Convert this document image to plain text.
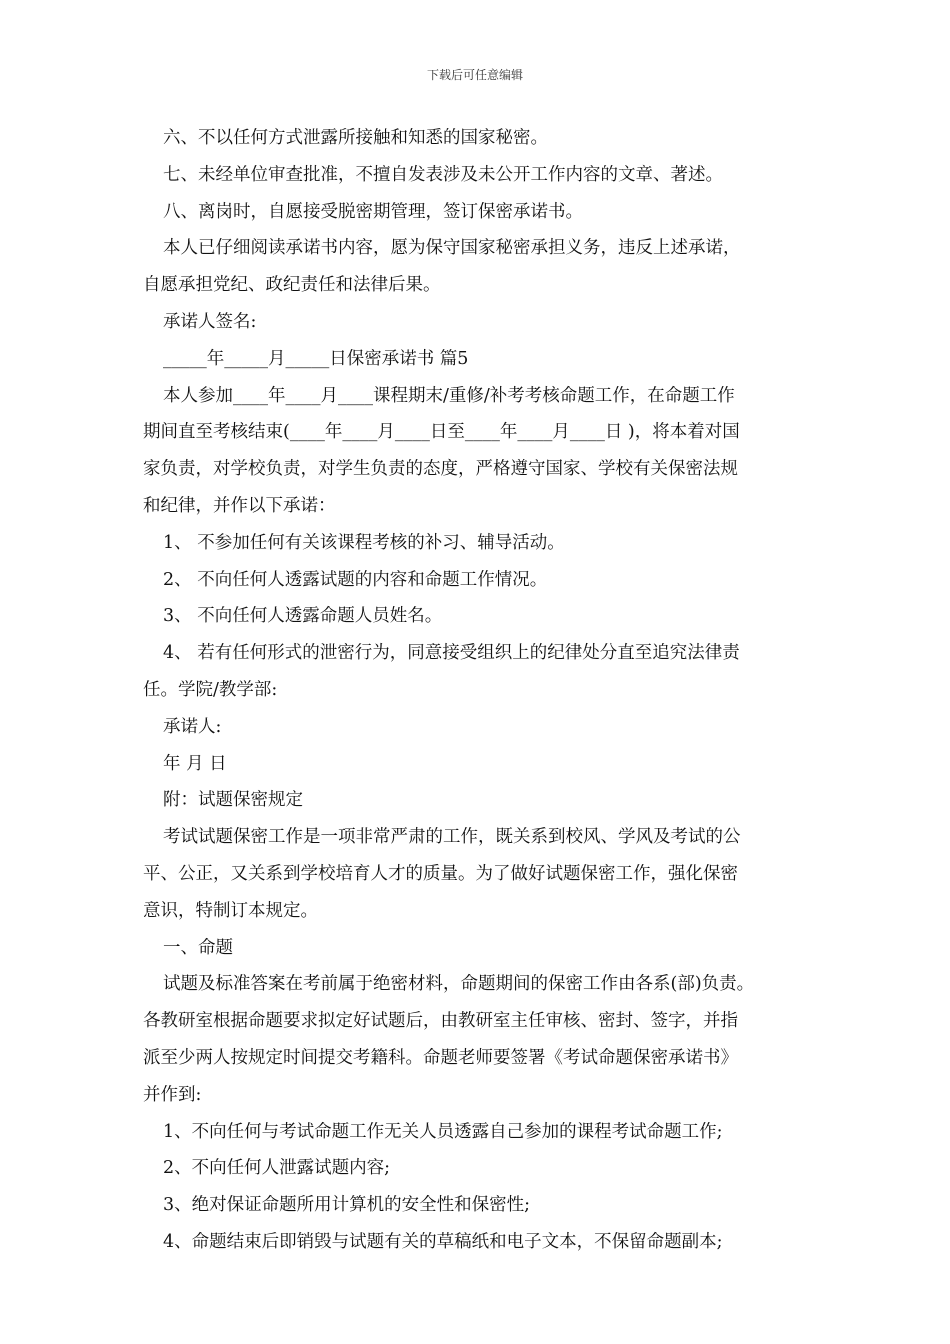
下载后可任意编辑

六、不以任何方式泄露所接触和知悉的国家秘密。

七、未经单位审查批准，不擅自发表涉及未公开工作内容的文章、著述。

八、离岗时，自愿接受脱密期管理，签订保密承诺书。

本人已仔细阅读承诺书内容，愿为保守国家秘密承担义务，违反上述承诺，

自愿承担党纪、政纪责任和法律后果。

承诺人签名:

_____年_____月_____日保密承诺书 篇5

本人参加____年____月____课程期末/重修/补考考核命题工作，在命题工作

期间直至考核结束(____年____月____日至____年____月____日 )，将本着对国

家负责，对学校负责，对学生负责的态度，严格遵守国家、学校有关保密法规

和纪律，并作以下承诺：

1、 不参加任何有关该课程考核的补习、辅导活动。

2、 不向任何人透露试题的内容和命题工作情况。

3、 不向任何人透露命题人员姓名。

4、 若有任何形式的泄密行为，同意接受组织上的纪律处分直至追究法律责

任。学院/教学部:

承诺人:

年 月 日

附：试题保密规定

考试试题保密工作是一项非常严肃的工作，既关系到校风、学风及考试的公

平、公正，又关系到学校培育人才的质量。为了做好试题保密工作，强化保密

意识，特制订本规定。

一、命题

试题及标准答案在考前属于绝密材料，命题期间的保密工作由各系(部)负责。

各教研室根据命题要求拟定好试题后，由教研室主任审核、密封、签字，并指

派至少两人按规定时间提交考籍科。命题老师要签署《考试命题保密承诺书》

并作到:

1、不向任何与考试命题工作无关人员透露自己参加的课程考试命题工作;

2、不向任何人泄露试题内容;

3、绝对保证命题所用计算机的安全性和保密性;

4、命题结束后即销毁与试题有关的草稿纸和电子文本，不保留命题副本;
